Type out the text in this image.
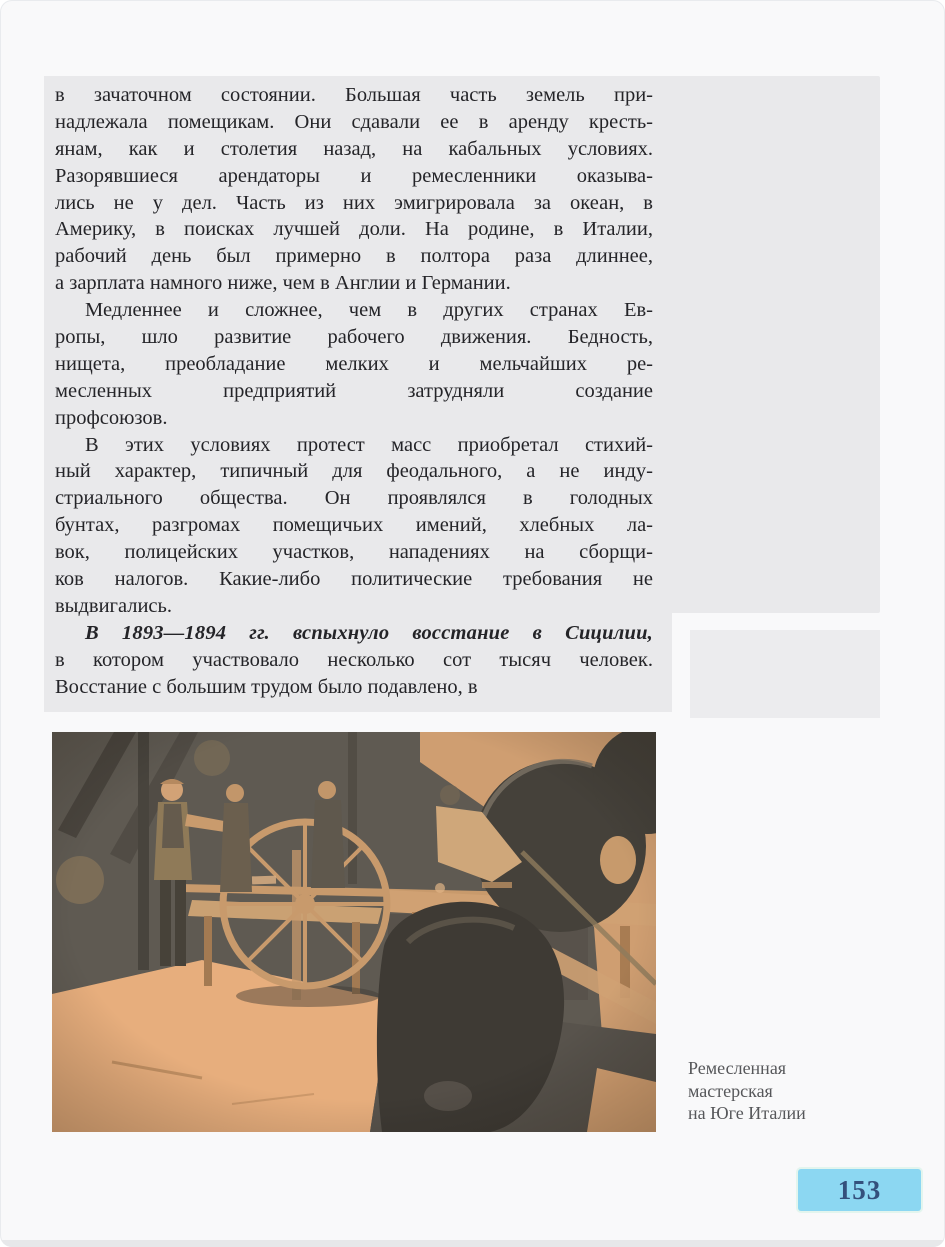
в зачаточном состоянии. Большая часть земель при-
надлежала помещикам. Они сдавали ее в аренду кресть-
янам, как и столетия назад, на кабальных условиях.
Разорявшиеся арендаторы и ремесленники оказыва-
лись не у дел. Часть из них эмигрировала за океан, в
Америку, в поисках лучшей доли. На родине, в Италии,
рабочий день был примерно в полтора раза длиннее,
а зарплата намного ниже, чем в Англии и Германии.
Медленнее и сложнее, чем в других странах Ев-
ропы, шло развитие рабочего движения. Бедность,
нищета, преобладание мелких и мельчайших ре-
месленных предприятий затрудняли создание
профсоюзов.
В этих условиях протест масс приобретал стихий-
ный характер, типичный для феодального, а не инду-
стриального общества. Он проявлялся в голодных
бунтах, разгромах помещичьих имений, хлебных ла-
вок, полицейских участков, нападениях на сборщи-
ков налогов. Какие-либо политические требования не
выдвигались.
В 1893—1894 гг. вспыхнуло восстание в Сицилии,
в котором участвовало несколько сот тысяч человек.
Восстание с большим трудом было подавлено, в
Ремесленная
мастерская
на Юге Италии
153
